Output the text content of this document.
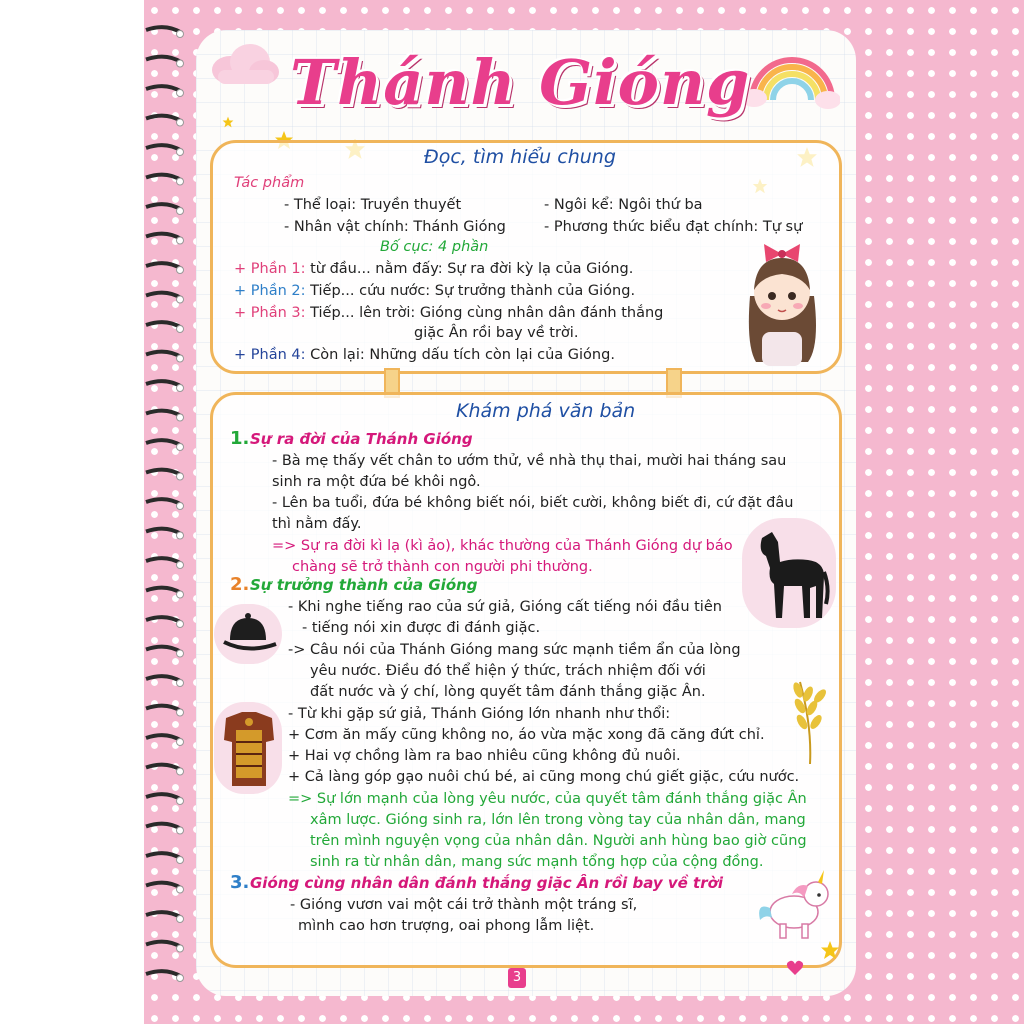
Thánh Gióng
Đọc, tìm hiểu chung
Tác phẩm
- Thể loại: Truyền thuyết	- Ngôi kể: Ngôi thứ ba
- Nhân vật chính: Thánh Gióng	- Phương thức biểu đạt chính: Tự sự
Bố cục: 4 phần
+ Phần 1: từ đầu... nằm đấy: Sự ra đời kỳ lạ của Gióng.
+ Phần 2: Tiếp... cứu nước: Sự trưởng thành của Gióng.
+ Phần 3: Tiếp... lên trời: Gióng cùng nhân dân đánh thắng
giặc Ân rồi bay về trời.
+ Phần 4: Còn lại: Những dấu tích còn lại của Gióng.
Khám phá văn bản
1. Sự ra đời của Thánh Gióng
- Bà mẹ thấy vết chân to ướm thử, về nhà thụ thai, mười hai tháng sau
sinh ra một đứa bé khôi ngô.
- Lên ba tuổi, đứa bé không biết nói, biết cười, không biết đi, cứ đặt đâu
thì nằm đấy.
=> Sự ra đời kì lạ (kì ảo), khác thường của Thánh Gióng dự báo
chàng sẽ trở thành con người phi thường.
2. Sự trưởng thành của Gióng
- Khi nghe tiếng rao của sứ giả, Gióng cất tiếng nói đầu tiên
- tiếng nói xin được đi đánh giặc.
-> Câu nói của Thánh Gióng mang sức mạnh tiềm ẩn của lòng
yêu nước. Điều đó thể hiện ý thức, trách nhiệm đối với
đất nước và ý chí, lòng quyết tâm đánh thắng giặc Ân.
- Từ khi gặp sứ giả, Thánh Gióng lớn nhanh như thổi:
+ Cơm ăn mấy cũng không no, áo vừa mặc xong đã căng đứt chỉ.
+ Hai vợ chồng làm ra bao nhiêu cũng không đủ nuôi.
+ Cả làng góp gạo nuôi chú bé, ai cũng mong chú giết giặc, cứu nước.
=> Sự lớn mạnh của lòng yêu nước, của quyết tâm đánh thắng giặc Ân
xâm lược. Gióng sinh ra, lớn lên trong vòng tay của nhân dân, mang
trên mình nguyện vọng của nhân dân. Người anh hùng bao giờ cũng
sinh ra từ nhân dân, mang sức mạnh tổng hợp của cộng đồng.
3. Gióng cùng nhân dân đánh thắng giặc Ân rồi bay về trời
- Gióng vươn vai một cái trở thành một tráng sĩ,
mình cao hơn trượng, oai phong lẫm liệt.
3
